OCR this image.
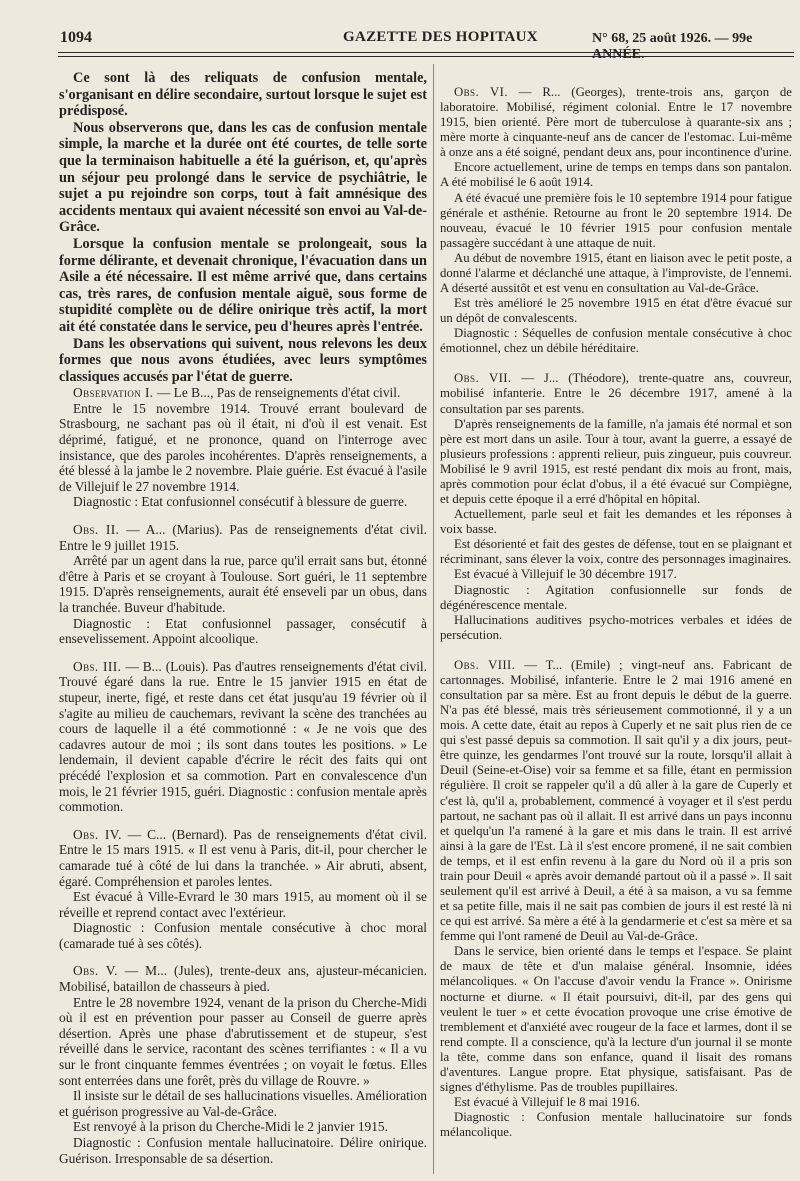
1094	GAZETTE DES HOPITAUX	N° 68, 25 août 1926. — 99e ANNÉE.

Ce sont là des reliquats de confusion mentale, s'organisant en délire secondaire, surtout lorsque le sujet est prédisposé.

Nous observerons que, dans les cas de confusion mentale simple, la marche et la durée ont été courtes, de telle sorte que la terminaison habituelle a été la guérison, et, qu'après un séjour peu prolongé dans le service de psychiâtrie, le sujet a pu rejoindre son corps, tout à fait amnésique des accidents mentaux qui avaient nécessité son envoi au Val-de-Grâce.

Lorsque la confusion mentale se prolongeait, sous la forme délirante, et devenait chronique, l'évacuation dans un Asile a été nécessaire. Il est même arrivé que, dans certains cas, très rares, de confusion mentale aiguë, sous forme de stupidité complète ou de délire onirique très actif, la mort ait été constatée dans le service, peu d'heures après l'entrée.

Dans les observations qui suivent, nous relevons les deux formes que nous avons étudiées, avec leurs symptômes classiques accusés par l'état de guerre.

Observation I. — Le B..., Pas de renseignements d'état civil.

Entre le 15 novembre 1914. Trouvé errant boulevard de Strasbourg, ne sachant pas où il était, ni d'où il est venait. Est déprimé, fatigué, et ne prononce, quand on l'interroge avec insistance, que des paroles incohérentes. D'après renseignements, a été blessé à la jambe le 2 novembre. Plaie guérie. Est évacué à l'asile de Villejuif le 27 novembre 1914.

Diagnostic : Etat confusionnel consécutif à blessure de guerre.

Obs. II. — A... (Marius). Pas de renseignements d'état civil. Entre le 9 juillet 1915.

Arrêté par un agent dans la rue, parce qu'il errait sans but, étonné d'être à Paris et se croyant à Toulouse. Sort guéri, le 11 septembre 1915. D'après renseignements, aurait été enseveli par un obus, dans la tranchée. Buveur d'habitude.

Diagnostic : Etat confusionnel passager, consécutif à ensevelissement. Appoint alcoolique.

Obs. III. — B... (Louis). Pas d'autres renseignements d'état civil. Trouvé égaré dans la rue. Entre le 15 janvier 1915 en état de stupeur, inerte, figé, et reste dans cet état jusqu'au 19 février où il s'agite au milieu de cauchemars, revivant la scène des tranchées au cours de laquelle il a été commotionné : « Je ne vois que des cadavres autour de moi ; ils sont dans toutes les positions. » Le lendemain, il devient capable d'écrire le récit des faits qui ont précédé l'explosion et sa commotion. Part en convalescence d'un mois, le 21 février 1915, guéri. Diagnostic : confusion mentale après commotion.

Obs. IV. — C... (Bernard). Pas de renseignements d'état civil. Entre le 15 mars 1915. « Il est venu à Paris, dit-il, pour chercher le camarade tué à côté de lui dans la tranchée. » Air abruti, absent, égaré. Compréhension et paroles lentes.

Est évacué à Ville-Evrard le 30 mars 1915, au moment où il se réveille et reprend contact avec l'extérieur.

Diagnostic : Confusion mentale consécutive à choc moral (camarade tué à ses côtés).

Obs. V. — M... (Jules), trente-deux ans, ajusteur-mécanicien. Mobilisé, bataillon de chasseurs à pied.

Entre le 28 novembre 1924, venant de la prison du Cherche-Midi où il est en prévention pour passer au Conseil de guerre après désertion. Après une phase d'abrutissement et de stupeur, s'est réveillé dans le service, racontant des scènes terrifiantes : « Il a vu sur le front cinquante femmes éventrées ; on voyait le fœtus. Elles sont enterrées dans une forêt, près du village de Rouvre. »

Il insiste sur le détail de ses hallucinations visuelles. Amélioration et guérison progressive au Val-de-Grâce.

Est renvoyé à la prison du Cherche-Midi le 2 janvier 1915.

Diagnostic : Confusion mentale hallucinatoire. Délire onirique. Guérison. Irresponsable de sa désertion.

Obs. VI. — R... (Georges), trente-trois ans, garçon de laboratoire. Mobilisé, régiment colonial. Entre le 17 novembre 1915, bien orienté. Père mort de tuberculose à quarante-six ans ; mère morte à cinquante-neuf ans de cancer de l'estomac. Lui-même à onze ans a été soigné, pendant deux ans, pour incontinence d'urine.

Encore actuellement, urine de temps en temps dans son pantalon. A été mobilisé le 6 août 1914.

A été évacué une première fois le 10 septembre 1914 pour fatigue générale et asthénie. Retourne au front le 20 septembre 1914. De nouveau, évacué le 10 février 1915 pour confusion mentale passagère succédant à une attaque de nuit.

Au début de novembre 1915, étant en liaison avec le petit poste, a donné l'alarme et déclanché une attaque, à l'improviste, de l'ennemi. A déserté aussitôt et est venu en consultation au Val-de-Grâce.

Est très amélioré le 25 novembre 1915 en état d'être évacué sur un dépôt de convalescents.

Diagnostic : Séquelles de confusion mentale consécutive à choc émotionnel, chez un débile héréditaire.

Obs. VII. — J... (Théodore), trente-quatre ans, couvreur, mobilisé infanterie. Entre le 26 décembre 1917, amené à la consultation par ses parents.

D'après renseignements de la famille, n'a jamais été normal et son père est mort dans un asile. Tour à tour, avant la guerre, a essayé de plusieurs professions : apprenti relieur, puis zingueur, puis couvreur. Mobilisé le 9 avril 1915, est resté pendant dix mois au front, mais, après commotion pour éclat d'obus, il a été évacué sur Compiègne, et depuis cette époque il a erré d'hôpital en hôpital.

Actuellement, parle seul et fait les demandes et les réponses à voix basse.

Est désorienté et fait des gestes de défense, tout en se plaignant et récriminant, sans élever la voix, contre des personnages imaginaires.

Est évacué à Villejuif le 30 décembre 1917.

Diagnostic : Agitation confusionnelle sur fonds de dégénérescence mentale.

Hallucinations auditives psycho-motrices verbales et idées de persécution.

Obs. VIII. — T... (Emile) ; vingt-neuf ans. Fabricant de cartonnages. Mobilisé, infanterie. Entre le 2 mai 1916 amené en consultation par sa mère. Est au front depuis le début de la guerre. N'a pas été blessé, mais très sérieusement commotionné, il y a un mois. A cette date, était au repos à Cuperly et ne sait plus rien de ce qui s'est passé depuis sa commotion. Il sait qu'il y a dix jours, peut-être quinze, les gendarmes l'ont trouvé sur la route, lorsqu'il allait à Deuil (Seine-et-Oise) voir sa femme et sa fille, étant en permission régulière. Il croit se rappeler qu'il a dû aller à la gare de Cuperly et c'est là, qu'il a, probablement, commencé à voyager et il s'est perdu partout, ne sachant pas où il allait. Il est arrivé dans un pays inconnu et quelqu'un l'a ramené à la gare et mis dans le train. Il est arrivé ainsi à la gare de l'Est. Là il s'est encore promené, il ne sait combien de temps, et il est enfin revenu à la gare du Nord où il a pris son train pour Deuil « après avoir demandé partout où il a passé ». Il sait seulement qu'il est arrivé à Deuil, a été à sa maison, a vu sa femme et sa petite fille, mais il ne sait pas combien de jours il est resté là ni ce qui est arrivé. Sa mère a été à la gendarmerie et c'est sa mère et sa femme qui l'ont ramené de Deuil au Val-de-Grâce.

Dans le service, bien orienté dans le temps et l'espace. Se plaint de maux de tête et d'un malaise général. Insomnie, idées mélancoliques. « On l'accuse d'avoir vendu la France ». Onirisme nocturne et diurne. « Il était poursuivi, dit-il, par des gens qui veulent le tuer » et cette évocation provoque une crise émotive de tremblement et d'anxiété avec rougeur de la face et larmes, dont il se rend compte. Il a conscience, qu'à la lecture d'un journal il se monte la tête, comme dans son enfance, quand il lisait des romans d'aventures. Langue propre. Etat physique, satisfaisant. Pas de signes d'éthylisme. Pas de troubles pupillaires.

Est évacué à Villejuif le 8 mai 1916.

Diagnostic : Confusion mentale hallucinatoire sur fonds mélancolique.
